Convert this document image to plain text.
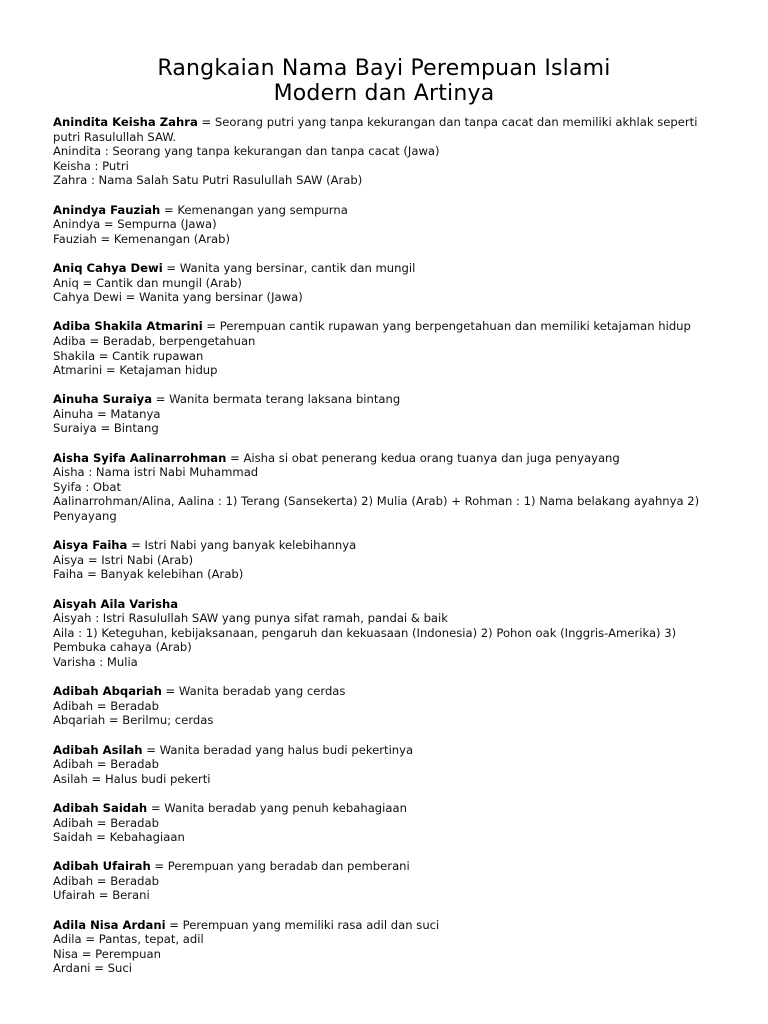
Rangkaian Nama Bayi Perempuan Islami
Modern dan Artinya
Anindita Keisha Zahra = Seorang putri yang tanpa kekurangan dan tanpa cacat dan memiliki akhlak seperti putri Rasulullah SAW.
Anindita : Seorang yang tanpa kekurangan dan tanpa cacat (Jawa)
Keisha : Putri
Zahra : Nama Salah Satu Putri Rasulullah SAW (Arab)
Anindya Fauziah = Kemenangan yang sempurna
Anindya = Sempurna (Jawa)
Fauziah = Kemenangan (Arab)
Aniq Cahya Dewi = Wanita yang bersinar, cantik dan mungil
Aniq = Cantik dan mungil (Arab)
Cahya Dewi = Wanita yang bersinar (Jawa)
Adiba Shakila Atmarini = Perempuan cantik rupawan yang berpengetahuan dan memiliki ketajaman hidup
Adiba = Beradab, berpengetahuan
Shakila = Cantik rupawan
Atmarini = Ketajaman hidup
Ainuha Suraiya = Wanita bermata terang laksana bintang
Ainuha = Matanya
Suraiya = Bintang
Aisha Syifa Aalinarrohman = Aisha si obat penerang kedua orang tuanya dan juga penyayang
Aisha : Nama istri Nabi Muhammad
Syifa : Obat
Aalinarrohman/Alina, Aalina : 1) Terang (Sansekerta) 2) Mulia (Arab) + Rohman : 1) Nama belakang ayahnya 2) Penyayang
Aisya Faiha = Istri Nabi yang banyak kelebihannya
Aisya = Istri Nabi (Arab)
Faiha = Banyak kelebihan (Arab)
Aisyah Aila Varisha
Aisyah : Istri Rasulullah SAW yang punya sifat ramah, pandai & baik
Aila : 1) Keteguhan, kebijaksanaan, pengaruh dan kekuasaan (Indonesia) 2) Pohon oak (Inggris-Amerika) 3) Pembuka cahaya (Arab)
Varisha : Mulia
Adibah Abqariah = Wanita beradab yang cerdas
Adibah = Beradab
Abqariah = Berilmu; cerdas
Adibah Asilah = Wanita beradad yang halus budi pekertinya
Adibah = Beradab
Asilah = Halus budi pekerti
Adibah Saidah = Wanita beradab yang penuh kebahagiaan
Adibah = Beradab
Saidah = Kebahagiaan
Adibah Ufairah = Perempuan yang beradab dan pemberani
Adibah = Beradab
Ufairah = Berani
Adila Nisa Ardani = Perempuan yang memiliki rasa adil dan suci
Adila = Pantas, tepat, adil
Nisa = Perempuan
Ardani = Suci
